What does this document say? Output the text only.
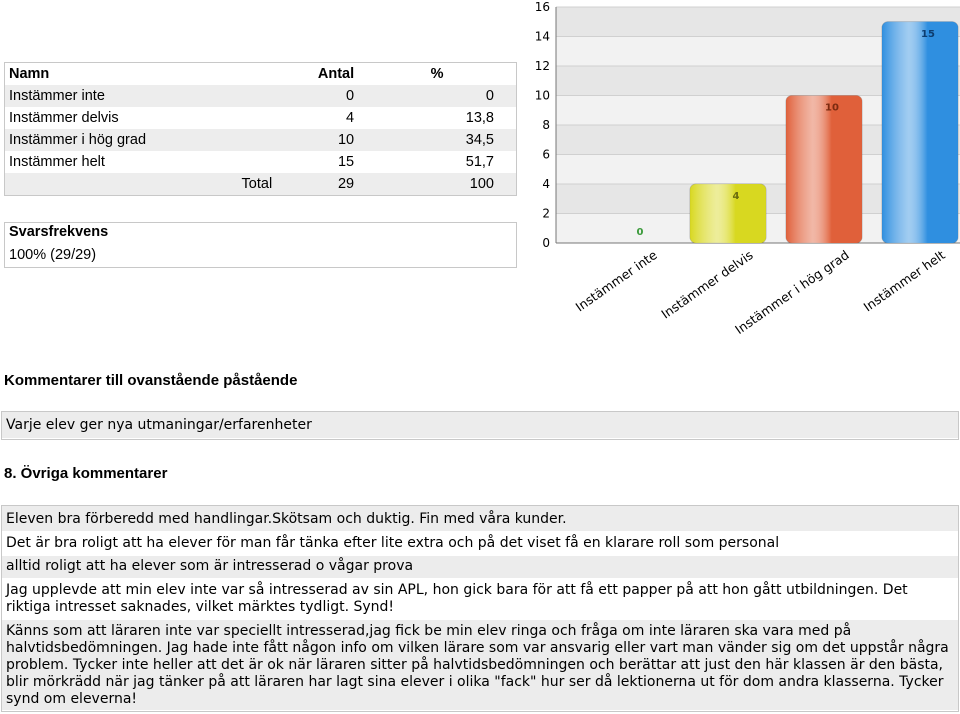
Namn	Antal	%
Instämmer inte	0	0
Instämmer delvis	4	13,8
Instämmer i hög grad	10	34,5
Instämmer helt	15	51,7
Total	29	100
Svarsfrekvens
100% (29/29)
0
2
4
6
8
10
12
14
16
0
Instämmer inte
4
Instämmer delvis
10
Instämmer i hög grad
15
Instämmer helt
Kommentarer till ovanstående påstående
Varje elev ger nya utmaningar/erfarenheter
8. Övriga kommentarer
Eleven bra förberedd med handlingar.Skötsam och duktig. Fin med våra kunder.
Det är bra roligt att ha elever för man får tänka efter lite extra och på det viset få en klarare roll som personal
alltid roligt att ha elever som är intresserad o vågar prova
Jag upplevde att min elev inte var så intresserad av sin APL, hon gick bara för att få ett papper på att hon gått utbildningen. Det riktiga intresset saknades, vilket märktes tydligt. Synd!
Känns som att läraren inte var speciellt intresserad,jag fick be min elev ringa och fråga om inte läraren ska vara med på halvtidsbedömningen. Jag hade inte fått någon info om vilken lärare som var ansvarig eller vart man vänder sig om det uppstår några problem. Tycker inte heller att det är ok när läraren sitter på halvtidsbedömningen och berättar att just den här klassen är den bästa, blir mörkrädd när jag tänker på att läraren har lagt sina elever i olika "fack" hur ser då lektionerna ut för dom andra klasserna. Tycker synd om eleverna!
